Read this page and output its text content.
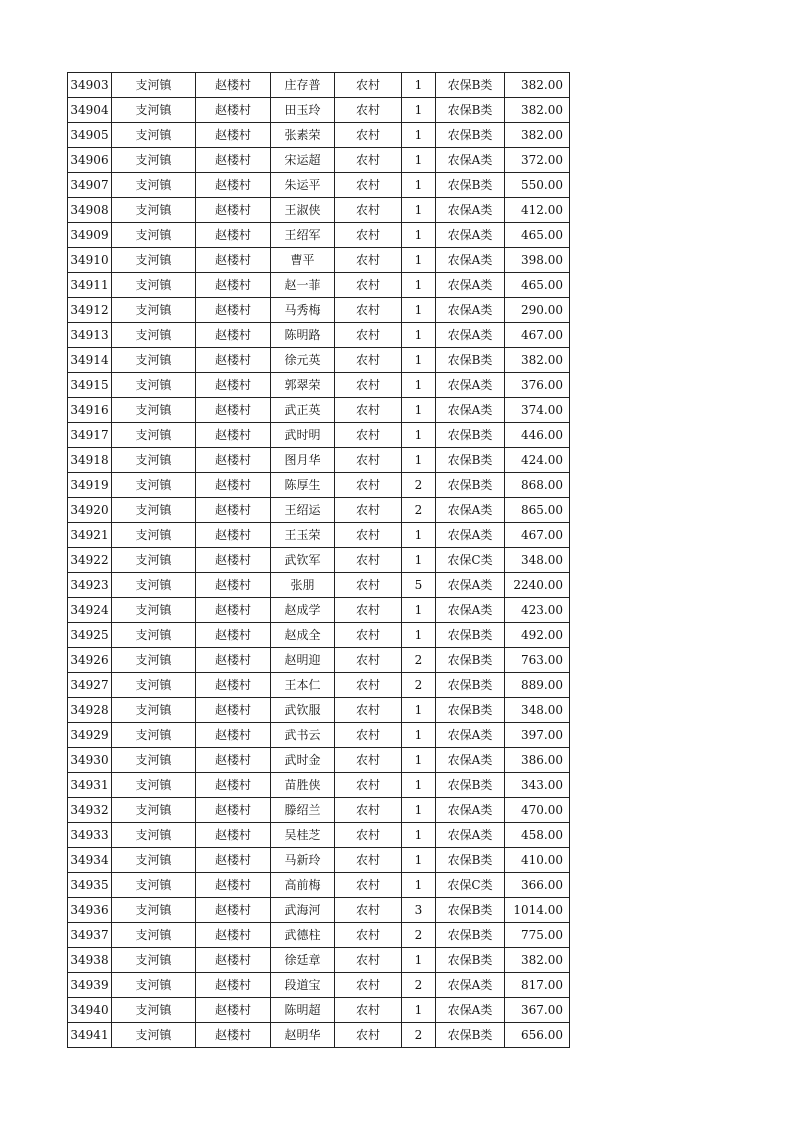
34903	支河镇	赵楼村	庄存普	农村	1	农保B类	382.00
34904	支河镇	赵楼村	田玉玲	农村	1	农保B类	382.00
34905	支河镇	赵楼村	张素荣	农村	1	农保B类	382.00
34906	支河镇	赵楼村	宋运超	农村	1	农保A类	372.00
34907	支河镇	赵楼村	朱运平	农村	1	农保B类	550.00
34908	支河镇	赵楼村	王淑侠	农村	1	农保A类	412.00
34909	支河镇	赵楼村	王绍军	农村	1	农保A类	465.00
34910	支河镇	赵楼村	曹平	农村	1	农保A类	398.00
34911	支河镇	赵楼村	赵一菲	农村	1	农保A类	465.00
34912	支河镇	赵楼村	马秀梅	农村	1	农保A类	290.00
34913	支河镇	赵楼村	陈明路	农村	1	农保A类	467.00
34914	支河镇	赵楼村	徐元英	农村	1	农保B类	382.00
34915	支河镇	赵楼村	郭翠荣	农村	1	农保A类	376.00
34916	支河镇	赵楼村	武正英	农村	1	农保A类	374.00
34917	支河镇	赵楼村	武时明	农村	1	农保B类	446.00
34918	支河镇	赵楼村	图月华	农村	1	农保B类	424.00
34919	支河镇	赵楼村	陈厚生	农村	2	农保B类	868.00
34920	支河镇	赵楼村	王绍运	农村	2	农保A类	865.00
34921	支河镇	赵楼村	王玉荣	农村	1	农保A类	467.00
34922	支河镇	赵楼村	武钦军	农村	1	农保C类	348.00
34923	支河镇	赵楼村	张朋	农村	5	农保A类	2240.00
34924	支河镇	赵楼村	赵成学	农村	1	农保A类	423.00
34925	支河镇	赵楼村	赵成全	农村	1	农保B类	492.00
34926	支河镇	赵楼村	赵明迎	农村	2	农保B类	763.00
34927	支河镇	赵楼村	王本仁	农村	2	农保B类	889.00
34928	支河镇	赵楼村	武钦服	农村	1	农保B类	348.00
34929	支河镇	赵楼村	武书云	农村	1	农保A类	397.00
34930	支河镇	赵楼村	武时金	农村	1	农保A类	386.00
34931	支河镇	赵楼村	苗胜侠	农村	1	农保B类	343.00
34932	支河镇	赵楼村	滕绍兰	农村	1	农保A类	470.00
34933	支河镇	赵楼村	吴桂芝	农村	1	农保A类	458.00
34934	支河镇	赵楼村	马新玲	农村	1	农保B类	410.00
34935	支河镇	赵楼村	高前梅	农村	1	农保C类	366.00
34936	支河镇	赵楼村	武海河	农村	3	农保B类	1014.00
34937	支河镇	赵楼村	武德柱	农村	2	农保B类	775.00
34938	支河镇	赵楼村	徐廷章	农村	1	农保B类	382.00
34939	支河镇	赵楼村	段道宝	农村	2	农保A类	817.00
34940	支河镇	赵楼村	陈明超	农村	1	农保A类	367.00
34941	支河镇	赵楼村	赵明华	农村	2	农保B类	656.00
